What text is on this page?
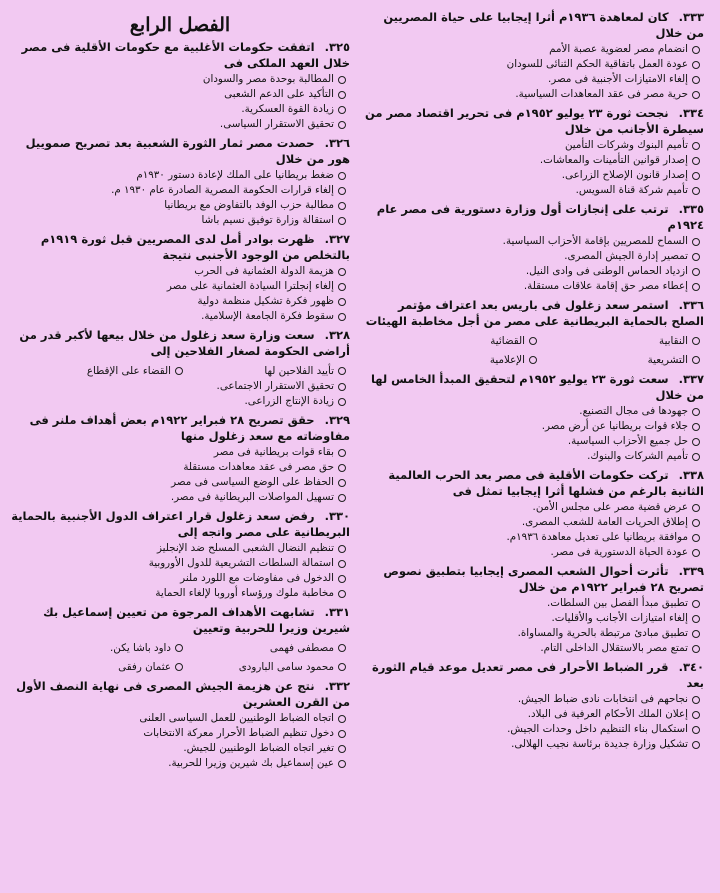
الفصل الرابع
٣٢٥.اتفقت حكومات الأغلبية مع حكومات الأقلية فى مصر خلال العهد الملكى فى
المطالبة بوحدة مصر والسودان
التأكيد على الدعم الشعبى
زيادة القوة العسكرية.
تحقيق الاستقرار السياسى.
٣٢٦.حصدت مصر ثمار الثورة الشعبية بعد تصريح صموييل هور من خلال
ضغط بريطانيا على الملك لإعادة دستور ١٩٣٠م
إلغاء قرارات الحكومة المصرية الصادرة عام ١٩٣٠ م.
مطالبة حزب الوفد بالتفاوض مع بريطانيا
استقالة وزارة توفيق نسيم باشا
٣٢٧.ظهرت بوادر أمل لدى المصريين قبل ثورة ١٩١٩م بالتخلص من الوجود الأجنبى نتيجة
هزيمة الدولة العثمانية فى الحرب
إلغاء إنجلترا السيادة العثمانية على مصر
ظهور فكرة تشكيل منظمة دولية
سقوط فكرة الجامعة الإسلامية.
٣٢٨.سعت وزارة سعد زغلول من خلال بيعها لأكبر قدر من أراضى الحكومة لصغار الفلاحين إلى
تأييد الفلاحين لها

القضاء على الإقطاع
تحقيق الاستقرار الاجتماعى.
زيادة الإنتاج الزراعى.
٣٢٩.حقق تصريح ٢٨ فبراير ١٩٢٢م بعض أهداف ملنر فى مفاوضاته مع سعد زغلول منها
بقاء قوات بريطانية فى مصر
حق مصر فى عقد معاهدات مستقلة
الحفاظ على الوضع السياسى فى مصر
تسهيل المواصلات البريطانية فى مصر.
٣٣٠.رفض سعد زغلول قرار اعتراف الدول الأجنبية بالحماية البريطانية على مصر واتجه إلى
تنظيم النضال الشعبى المسلح ضد الإنجليز
استمالة السلطات التشريعية للدول الأوروبية
الدخول فى مفاوضات مع اللورد ملنر
مخاطبة ملوك ورؤساء أوروبا لإلغاء الحماية
٣٣١.تشابهت الأهداف المرجوة من تعيين إسماعيل بك شيرين وزيرا للحربية وتعيين
مصطفى فهمى

داود باشا يكن.

محمود سامى البارودى

عثمان رفقى
٣٣٢.نتج عن هزيمة الجيش المصرى فى نهاية النصف الأول من القرن العشرين
اتجاه الضباط الوطنيين للعمل السياسى العلنى
دخول تنظيم الضباط الأحرار معركة الانتخابات
تغير اتجاه الضباط الوطنيين للجيش.
عين إسماعيل بك شيرين وزيرا للحربية.
٣٣٣.كان لمعاهدة ١٩٣٦م أثرا إيجابيا على حياة المصريين من خلال
انضمام مصر لعضوية عصبة الأمم
عودة العمل باتفاقية الحكم الثنائى للسودان
إلغاء الامتيازات الأجنبية فى مصر.
حرية مصر فى عقد المعاهدات السياسية.
٣٣٤.نجحت ثورة ٢٣ يوليو ١٩٥٢م فى تحرير اقتصاد مصر من سيطرة الأجانب من خلال
تأميم البنوك وشركات التأمين
إصدار قوانين التأمينات والمعاشات.
إصدار قانون الإصلاح الزراعى.
تأميم شركة قناة السويس.
٣٣٥.ترتب على إنجازات أول وزارة دستورية فى مصر عام ١٩٢٤م
السماح للمصريين بإقامة الأحزاب السياسية.
تمصير إدارة الجيش المصرى.
ازدياد الحماس الوطنى فى وادى النيل.
إعطاء مصر حق إقامة علاقات مستقلة.
٣٣٦.استمر سعد زغلول فى باريس بعد اعتراف مؤتمر الصلح بالحماية البريطانية على مصر من أجل مخاطبة الهيئات
النقابية

القضائية

التشريعية

الإعلامية
٣٣٧.سعت ثورة ٢٣ يوليو ١٩٥٢م لتحقيق المبدأ الخامس لها من خلال
جهودها فى مجال التصنيع.
جلاء قوات بريطانيا عن أرض مصر.
حل جميع الأحزاب السياسية.
تأميم الشركات والبنوك.
٣٣٨.تركت حكومات الأقلية فى مصر بعد الحرب العالمية الثانية بالرغم من فشلها أثرا إيجابيا تمثل فى
عرض قضية مصر على مجلس الأمن.
إطلاق الحريات العامة للشعب المصرى.
موافقة بريطانيا على تعديل معاهدة ١٩٣٦م.
عودة الحياة الدستورية فى مصر.
٣٣٩.تأثرت أحوال الشعب المصرى إيجابيا بتطبيق نصوص تصريح ٢٨ فبراير ١٩٢٢م من خلال
تطبيق مبدأ الفصل بين السلطات.
إلغاء امتيازات الأجانب والأقليات.
تطبيق مبادئ مرتبطة بالحرية والمساواة.
تمتع مصر بالاستقلال الداخلى التام.
٣٤٠.قرر الضباط الأحرار فى مصر تعديل موعد قيام الثورة بعد
نجاحهم فى انتخابات نادى ضباط الجيش.
إعلان الملك الأحكام العرفية فى البلاد.
استكمال بناء التنظيم داخل وحدات الجيش.
تشكيل وزارة جديدة برئاسة نجيب الهلالى.
